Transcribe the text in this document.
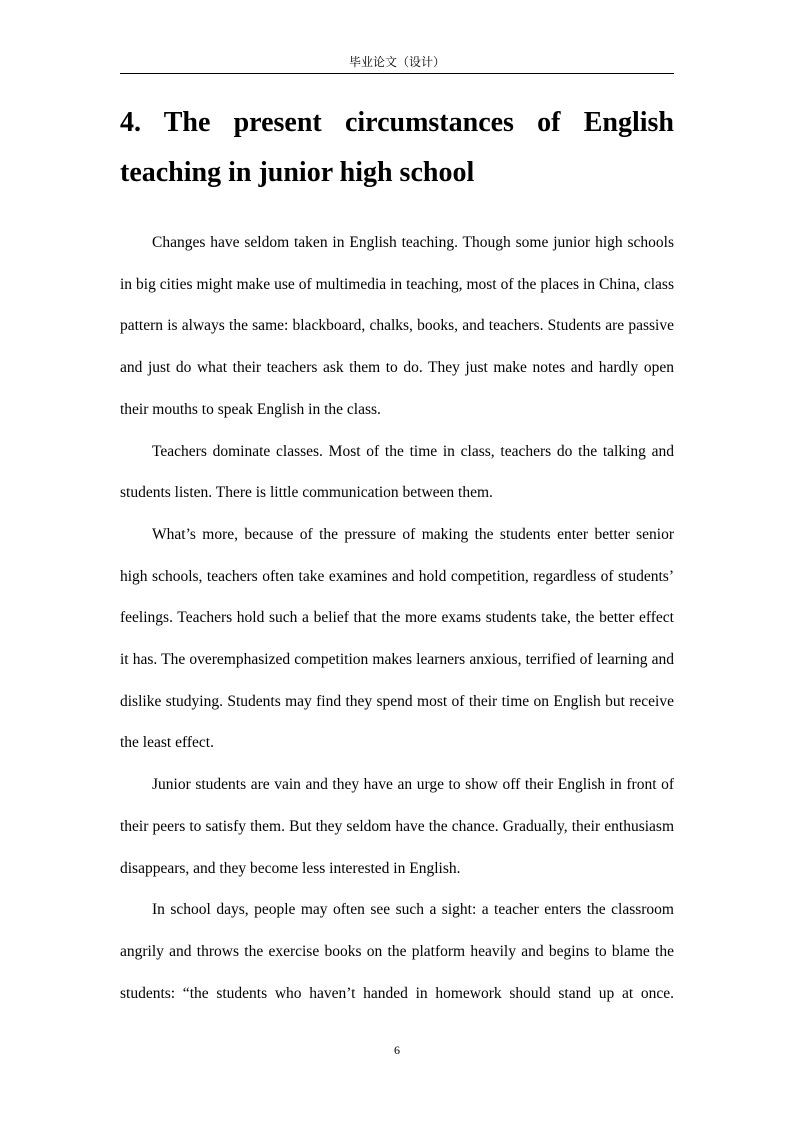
毕业论文（设计）
4. The present circumstances of English teaching in junior high school

Changes have seldom taken in English teaching. Though some junior high schools in big cities might make use of multimedia in teaching, most of the places in China, class pattern is always the same: blackboard, chalks, books, and teachers. Students are passive and just do what their teachers ask them to do. They just make notes and hardly open their mouths to speak English in the class.

Teachers dominate classes. Most of the time in class, teachers do the talking and students listen. There is little communication between them.

What’s more, because of the pressure of making the students enter better senior high schools, teachers often take examines and hold competition, regardless of students’ feelings. Teachers hold such a belief that the more exams students take, the better effect it has. The overemphasized competition makes learners anxious, terrified of learning and dislike studying. Students may find they spend most of their time on English but receive the least effect.

Junior students are vain and they have an urge to show off their English in front of their peers to satisfy them. But they seldom have the chance. Gradually, their enthusiasm disappears, and they become less interested in English.

In school days, people may often see such a sight: a teacher enters the classroom angrily and throws the exercise books on the platform heavily and begins to blame the students: “the students who haven’t handed in homework should stand up at once.

6
